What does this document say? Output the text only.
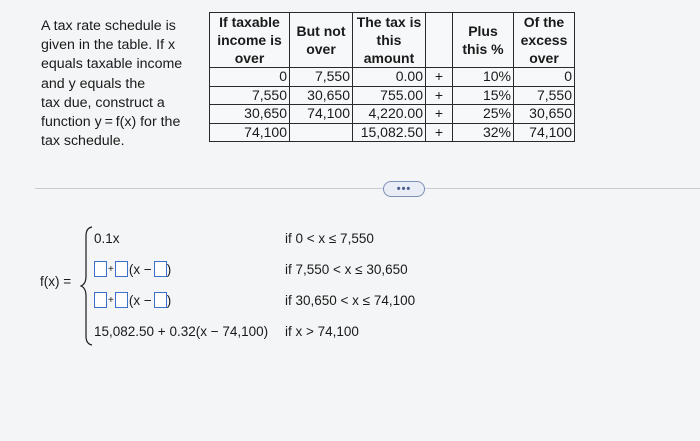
A tax rate schedule is
given in the table. If x
equals taxable income
and y equals the
tax due, construct a
function y = f(x) for the
tax schedule.
If taxable income is over	But not over	The tax is this amount		Plus this %	Of the excess over
0	7,550	0.00	+	10%	0
7,550	30,650	755.00	+	15%	7,550
30,650	74,100	4,220.00	+	25%	30,650
74,100		15,082.50	+	32%	74,100
•••
f(x) =
0.1x	if 0 < x ≤ 7,550
+ (x − )	if 7,550 < x ≤ 30,650
+ (x − )	if 30,650 < x ≤ 74,100
15,082.50 + 0.32(x − 74,100) if x > 74,100
